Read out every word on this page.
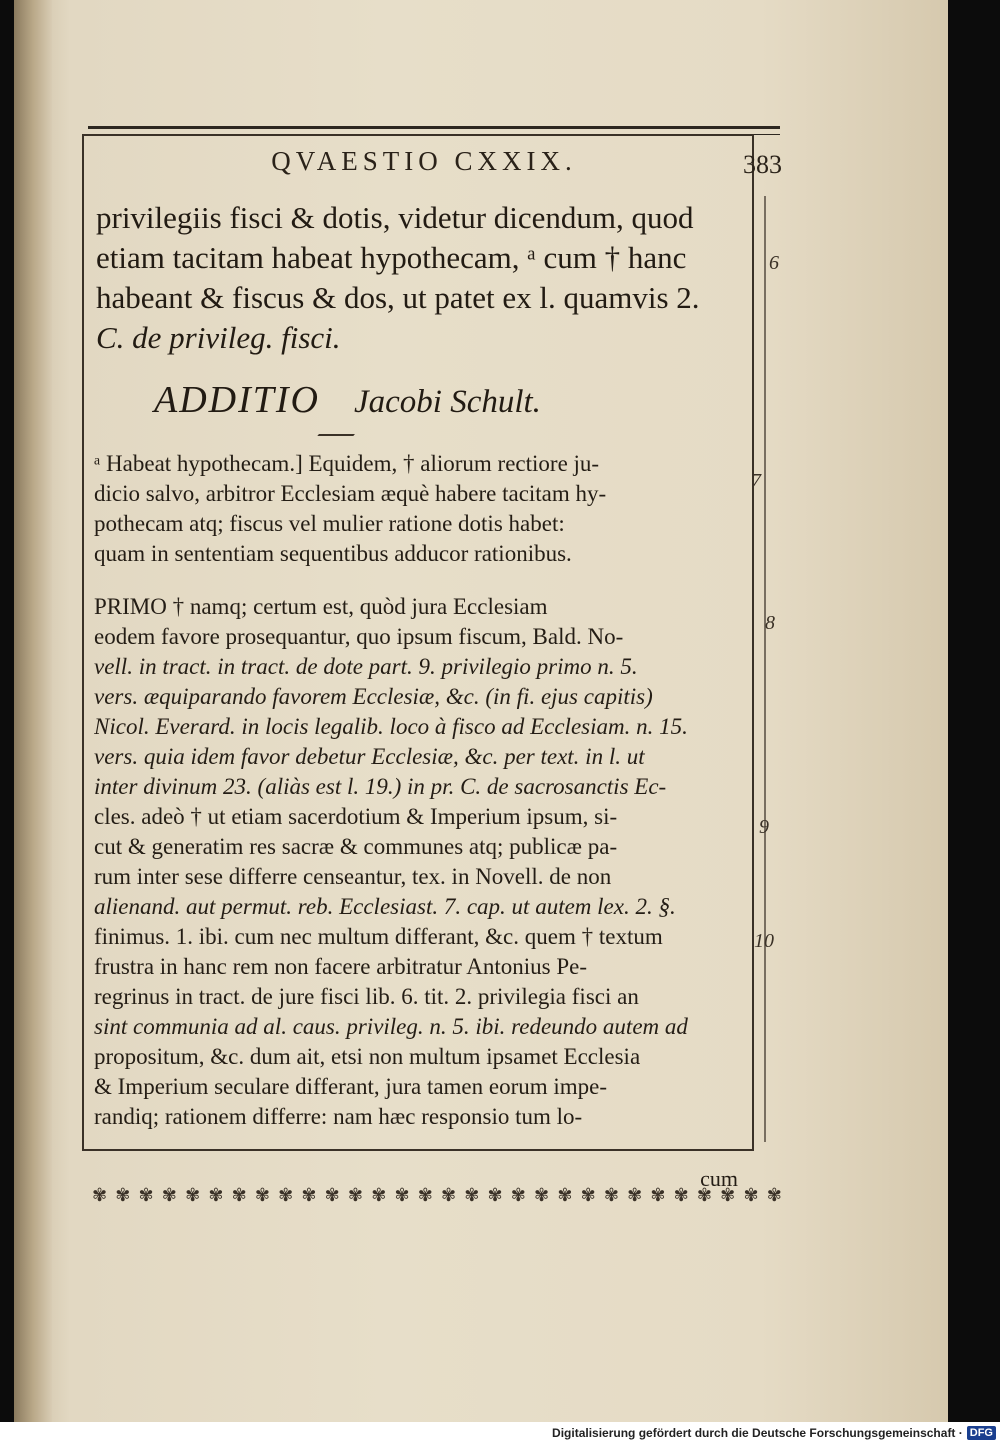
QVAESTIO CXXIX.	383
privilegiis fisci & dotis, videtur dicendum, quod
etiam tacitam habeat hypothecam, ᵃ cum † hanc
habeant & fiscus & dos, ut patet ex l. quamvis 2.
C. de privileg. fisci.
ADDITIO Jacobi Schult.
ᵃ Habeat hypothecam.] Equidem, † aliorum rectiore ju-
dicio salvo, arbitror Ecclesiam æquè habere tacitam hy-
pothecam atq; fiscus vel mulier ratione dotis habet:
quam in sententiam sequentibus adducor rationibus.
PRIMO † namq; certum est, quòd jura Ecclesiam
eodem favore prosequantur, quo ipsum fiscum, Bald. No-
vell. in tract. in tract. de dote part. 9. privilegio primo n. 5.
vers. æquiparando favorem Ecclesiæ, &c. (in fi. ejus capitis)
Nicol. Everard. in locis legalib. loco à fisco ad Ecclesiam. n. 15.
vers. quia idem favor debetur Ecclesiæ, &c. per text. in l. ut
inter divinum 23. (aliàs est l. 19.) in pr. C. de sacrosanctis Ec-
cles. adeò † ut etiam sacerdotium & Imperium ipsum, si-
cut & generatim res sacræ & communes atq; publicæ pa-
rum inter sese differre censeantur, tex. in Novell. de non
alienand. aut permut. reb. Ecclesiast. 7. cap. ut autem lex. 2. §.
finimus. 1. ibi. cum nec multum differant, &c. quem † textum
frustra in hanc rem non facere arbitratur Antonius Pe-
regrinus in tract. de jure fisci lib. 6. tit. 2. privilegia fisci an
sint communia ad al. caus. privileg. n. 5. ibi. redeundo autem ad
propositum, &c. dum ait, etsi non multum ipsamet Ecclesia
& Imperium seculare differant, jura tamen eorum impe-
randiq; rationem differre: nam hæc responsio tum lo-
6
7
8
9
10
cum
✾ ✾ ✾ ✾ ✾ ✾ ✾ ✾ ✾ ✾ ✾ ✾ ✾ ✾ ✾ ✾ ✾ ✾ ✾ ✾ ✾ ✾ ✾ ✾ ✾ ✾ ✾ ✾ ✾ ✾
Digitalisierung gefördert durch die Deutsche Forschungsgemeinschaft · DFG
